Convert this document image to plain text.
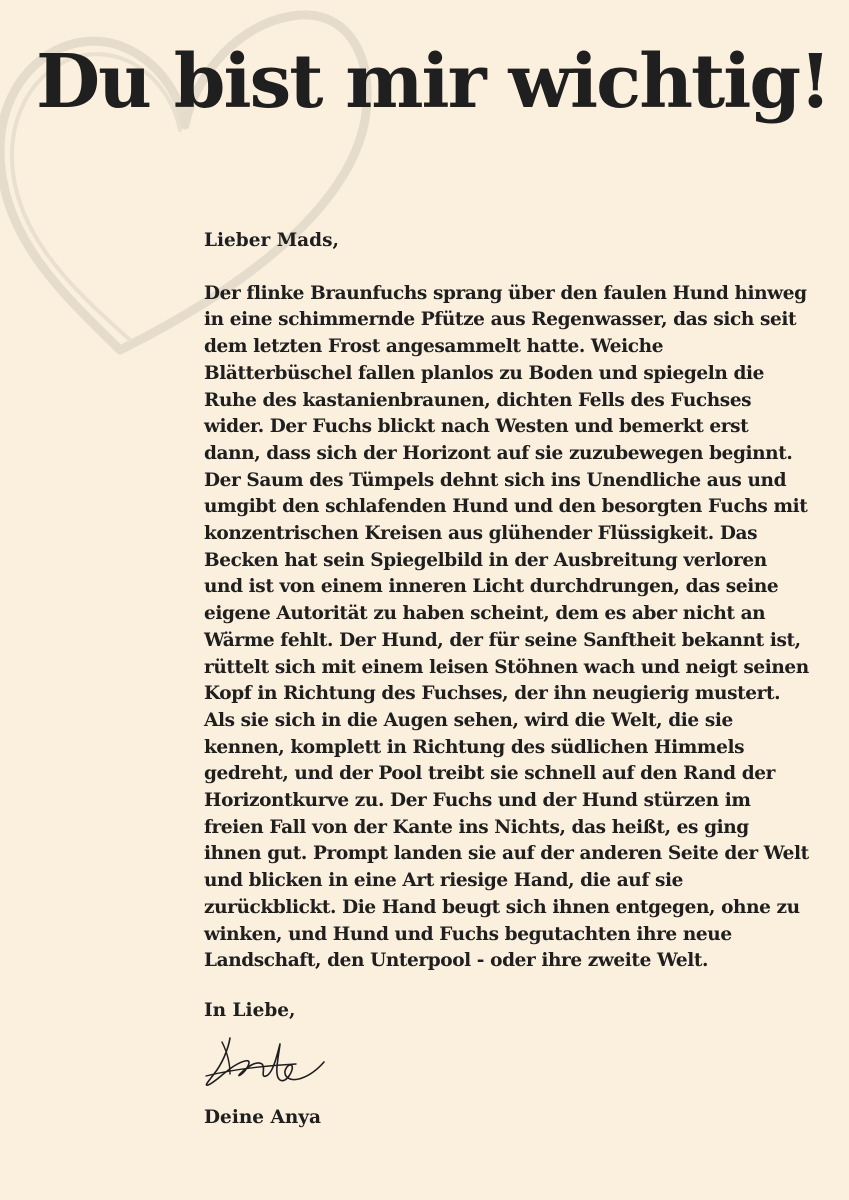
Du bist mir wichtig!

Lieber Mads,

Der flinke Braunfuchs sprang über den faulen Hund hinweg in eine schimmernde Pfütze aus Regenwasser, das sich seit dem letzten Frost angesammelt hatte. Weiche Blätterbüschel fallen planlos zu Boden und spiegeln die Ruhe des kastanienbraunen, dichten Fells des Fuchses wider. Der Fuchs blickt nach Westen und bemerkt erst dann, dass sich der Horizont auf sie zuzubewegen beginnt. Der Saum des Tümpels dehnt sich ins Unendliche aus und umgibt den schlafenden Hund und den besorgten Fuchs mit konzentrischen Kreisen aus glühender Flüssigkeit. Das Becken hat sein Spiegelbild in der Ausbreitung verloren und ist von einem inneren Licht durchdrungen, das seine eigene Autorität zu haben scheint, dem es aber nicht an Wärme fehlt. Der Hund, der für seine Sanftheit bekannt ist, rüttelt sich mit einem leisen Stöhnen wach und neigt seinen Kopf in Richtung des Fuchses, der ihn neugierig mustert. Als sie sich in die Augen sehen, wird die Welt, die sie kennen, komplett in Richtung des südlichen Himmels gedreht, und der Pool treibt sie schnell auf den Rand der Horizontkurve zu. Der Fuchs und der Hund stürzen im freien Fall von der Kante ins Nichts, das heißt, es ging ihnen gut. Prompt landen sie auf der anderen Seite der Welt und blicken in eine Art riesige Hand, die auf sie zurückblickt. Die Hand beugt sich ihnen entgegen, ohne zu winken, und Hund und Fuchs begutachten ihre neue Landschaft, den Unterpool - oder ihre zweite Welt.

In Liebe,

Deine Anya
